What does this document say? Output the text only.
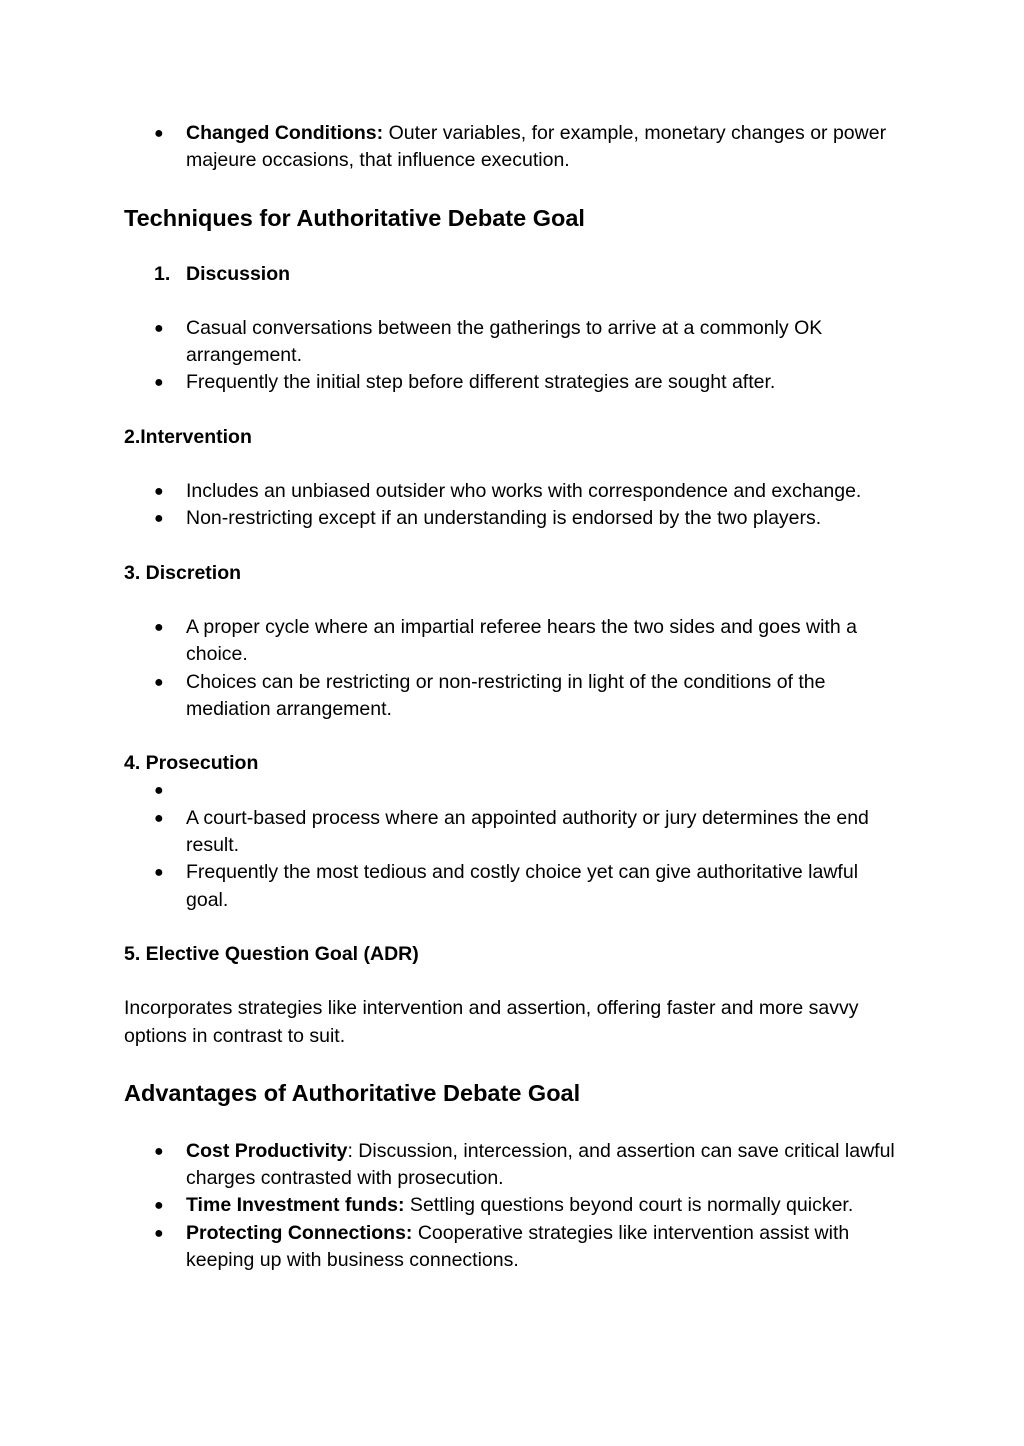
● Changed Conditions: Outer variables, for example, monetary changes or power majeure occasions, that influence execution.
Techniques for Authoritative Debate Goal
1. Discussion
● Casual conversations between the gatherings to arrive at a commonly OK arrangement.
● Frequently the initial step before different strategies are sought after.

2.Intervention

● Includes an unbiased outsider who works with correspondence and exchange.
● Non-restricting except if an understanding is endorsed by the two players.

3. Discretion

● A proper cycle where an impartial referee hears the two sides and goes with a choice.
● Choices can be restricting or non-restricting in light of the conditions of the mediation arrangement.

4. Prosecution

●
● A court-based process where an appointed authority or jury determines the end result.
● Frequently the most tedious and costly choice yet can give authoritative lawful goal.

5. Elective Question Goal (ADR)

Incorporates strategies like intervention and assertion, offering faster and more savvy options in contrast to suit.

Advantages of Authoritative Debate Goal
● Cost Productivity: Discussion, intercession, and assertion can save critical lawful charges contrasted with prosecution.
● Time Investment funds: Settling questions beyond court is normally quicker.
● Protecting Connections: Cooperative strategies like intervention assist with keeping up with business connections.
